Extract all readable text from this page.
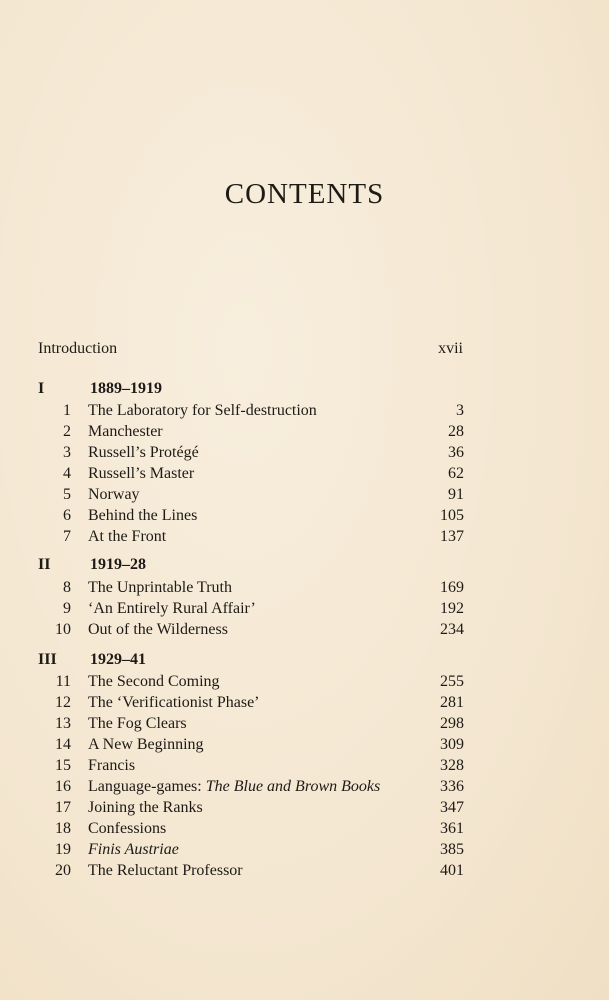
CONTENTS
Introduction	xvii
I	1889–1919
1 The Laboratory for Self-destruction	3
2 Manchester	28
3 Russell’s Protégé	36
4 Russell’s Master	62
5 Norway	91
6 Behind the Lines	105
7 At the Front	137
II	1919–28
8 The Unprintable Truth	169
9 ‘An Entirely Rural Affair’	192
10 Out of the Wilderness	234
III	1929–41
11 The Second Coming	255
12 The ‘Verificationist Phase’	281
13 The Fog Clears	298
14 A New Beginning	309
15 Francis	328
16 Language-games: The Blue and Brown Books	336
17 Joining the Ranks	347
18 Confessions	361
19 Finis Austriae	385
20 The Reluctant Professor	401
